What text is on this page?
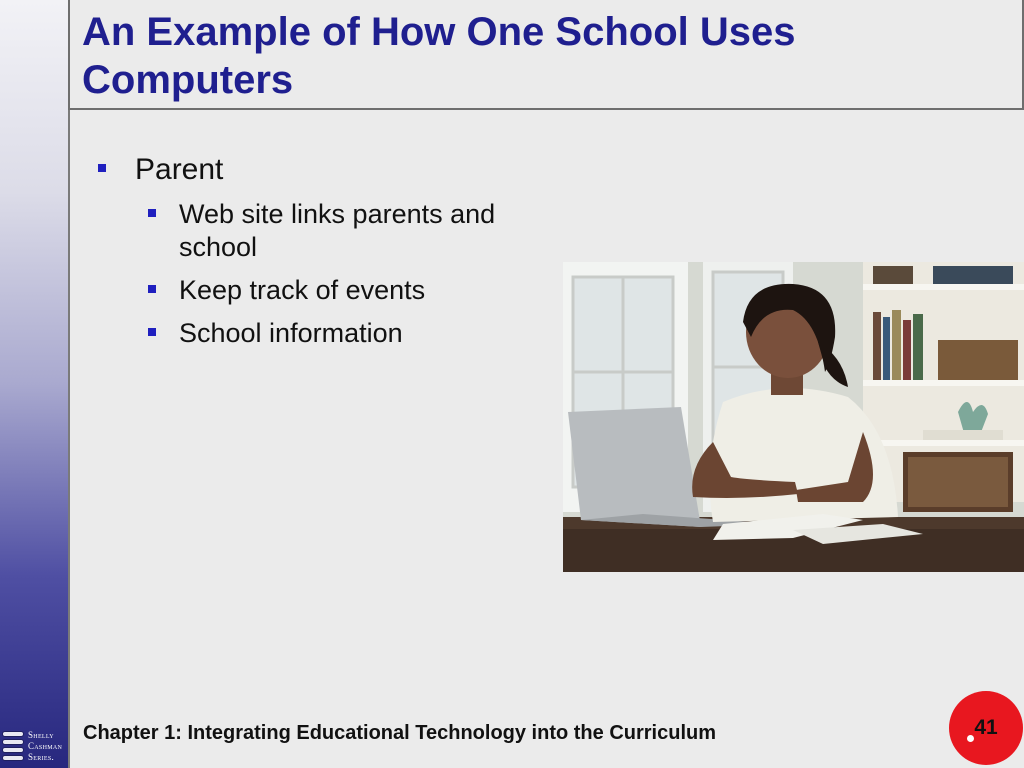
Shelly
Cashman
Series.
An Example of How One School Uses Computers
Parent
Web site links parents and school
Keep track of events
School information
Chapter 1: Integrating Educational Technology into the Curriculum	41
